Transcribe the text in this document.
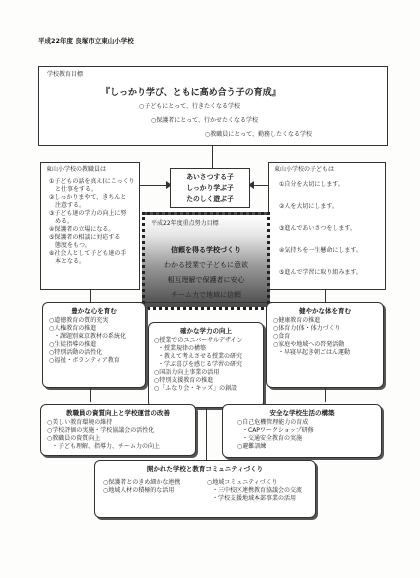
平成22年度 良塚市立東山小学校
学校教育目標
『しっかり学び、ともに高め合う子の育成』
○子どもにとって、行きたくなる学校
○保護者にとって、行かせたくなる学校
○教職員にとって、勤務したくなる学校
東山小学校の教職員は
①子どもの話を真え(にこっくり
と仕事をする。
②しっかりまやて、きちんと
注意する。
③子ども達の学力の向上に努
める。
④保護者の立場になる。
⑤保護者の相談に対応する
態度をもつ。
⑥社会人として子ども達の手
本となる。
東山小学校の子どもは
①自分を大切にします。
②人を大切にします。
③進んであいさつをします。
④気持ちを一生懸命にします。
⑤進んで学習に取り組みます。
あいさつする子
しっかり学ぶ子
たのしく遊ぶ子
平成22年度重点努力目標
信頼を得る学校づくり
わかる授業で子どもに意欲
相互理解で保護者に安心
チーム力で地域に信頼
豊かな心を育む
○道徳教育の質的充実
○人権教育の推進
・課題別東京教材の系統化
○生徒指導の推進
○特別活動の活性化
○福祉・ボランティア教育
健やかな体を育む
○健康教育の推進
○体育力(体・体力づくり
○食育
○家庭や地域への啓発活動
・早寝早起き朝ごはん運動
確かな学力の向上
○授業でのユニバーサルデザイン
・授業規律の構築
・教えて考えさせる授業の研究
・学ぶ喜びを感じる学習の研究
○国語力向上事業の活用
○特別支援教育の推進
○「ふなり会・キッズ」の創設
教職員の資質向上と学校運営の改善
○美しい教育環境の維持
○学校評価の実施・学校協議会の活性化
○教職員の資質向上
・子ども理解、指導力、チーム力の向上
安全な学校生活の構築
○自己危機管理能力の育成
・CAPワークショップ研修
・交通安全教育の実施
○避難訓練
開かれた学校と教育コミュニティづくり
○保護者とのきめ細かな連携
○地域人材の積極的な活用
○地域コミュニティづくり
・三中校区連携教育協議会の交流
・学校支援地域本部事業の活用
